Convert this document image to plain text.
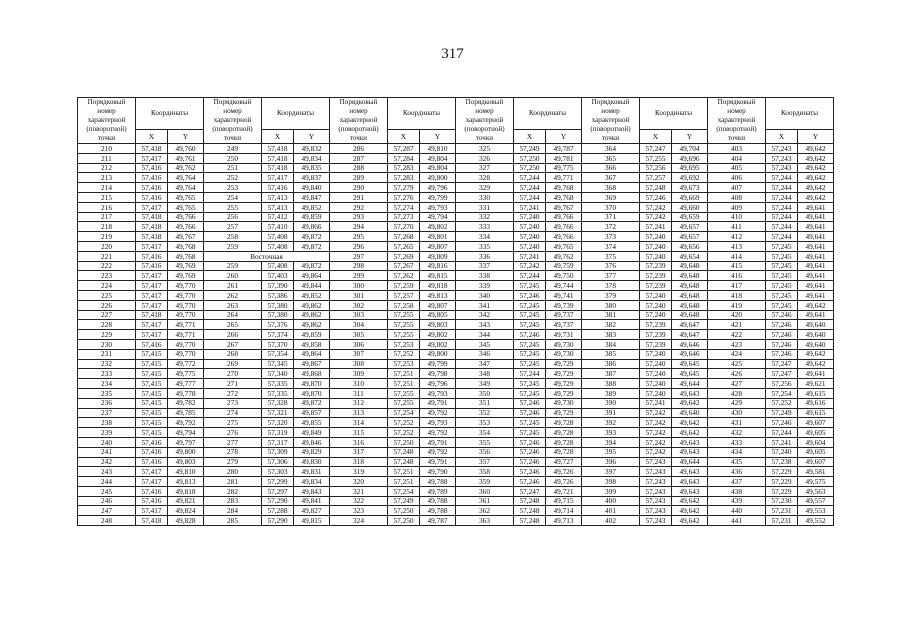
317
Порядковый номер характерной (поворотной) точки	Координаты		Порядковый номер характерной (поворотной) точки	Координаты		Порядковый номер характерной (поворотной) точки	Координаты		Порядковый номер характерной (поворотной) точки	Координаты		Порядковый номер характерной (поворотной) точки	Координаты		Порядковый номер характерной (поворотной) точки	Координаты	
	X	Y		X	Y		X	Y		X	Y		X	Y		X	Y
210	57,418	49,760	249	57,418	49,832	286	57,287	49,810	325	57,249	49,787	364	57,247	49,704	403	57,243	49,642
211	57,417	49,761	250	57,418	49,834	287	57,284	49,804	326	57,250	49,781	365	57,255	49,696	404	57,243	49,642
212	57,416	49,762	251	57,418	49,835	288	57,283	49,804	327	57,250	49,775	366	57,256	49,695	405	57,243	49,642
213	57,416	49,764	252	57,417	49,837	289	57,283	49,800	328	57,244	49,771	367	57,257	49,692	406	57,244	49,642
214	57,416	49,764	253	57,416	49,840	290	57,279	49,796	329	57,244	49,768	368	57,248	49,673	407	57,244	49,642
215	57,416	49,765	254	57,413	49,847	291	57,276	49,799	330	57,244	49,768	369	57,246	49,669	408	57,244	49,642
216	57,417	49,765	255	57,413	49,852	292	57,274	49,793	331	57,241	49,767	370	57,242	49,660	409	57,244	49,641
217	57,418	49,766	256	57,412	49,859	293	57,273	49,794	332	57,240	49,766	371	57,242	49,659	410	57,244	49,641
218	57,418	49,766	257	57,410	49,866	294	57,270	49,802	333	57,240	49,766	372	57,241	49,657	411	57,244	49,641
219	57,418	49,767	258	57,408	49,872	295	57,268	49,801	334	57,240	49,766	373	57,240	49,657	412	57,244	49,641
220	57,417	49,768	259	57,408	49,872	296	57,265	49,807	335	57,240	49,765	374	57,240	49,656	413	57,245	49,641
221	57,416	49,768	Восточная			297	57,269	49,809	336	57,241	49,762	375	57,240	49,654	414	57,245	49,641
222	57,416	49,769	259	57,408	49,872	298	57,267	49,816	337	57,242	49,759	376	57,239	49,648	415	57,245	49,641
223	57,417	49,769	260	57,403	49,864	299	57,262	49,815	338	57,244	49,750	377	57,239	49,648	416	57,245	49,641
224	57,417	49,770	261	57,390	49,844	300	57,259	49,818	339	57,245	49,744	378	57,239	49,648	417	57,245	49,641
225	57,417	49,770	262	57,386	49,852	301	57,257	49,813	340	57,246	49,741	379	57,240	49,648	418	57,245	49,641
226	57,417	49,770	263	57,380	49,862	302	57,258	49,807	341	57,245	49,739	380	57,240	49,648	419	57,245	49,642
227	57,418	49,770	264	57,380	49,862	303	57,255	49,805	342	57,245	49,737	381	57,240	49,648	420	57,246	49,641
228	57,417	49,771	265	57,376	49,862	304	57,255	49,803	343	57,245	49,737	382	57,239	49,647	421	57,246	49,640
229	57,417	49,771	266	57,374	49,859	305	57,255	49,802	344	57,246	49,731	383	57,239	49,647	422	57,246	49,640
230	57,416	49,770	267	57,370	49,858	306	57,253	49,802	345	57,245	49,730	384	57,239	49,646	423	57,246	49,640
231	57,415	49,770	268	57,354	49,864	307	57,252	49,800	346	57,245	49,730	385	57,240	49,646	424	57,246	49,642
232	57,415	49,772	269	57,345	49,867	308	57,253	49,799	347	57,245	49,729	386	57,240	49,645	425	57,247	49,642
233	57,415	49,775	270	57,340	49,868	309	57,251	49,798	348	57,244	49,729	387	57,240	49,645	426	57,247	49,641
234	57,415	49,777	271	57,335	49,870	310	57,251	49,796	349	57,245	49,729	388	57,240	49,644	427	57,256	49,621
235	57,415	49,778	272	57,335	49,870	311	57,255	49,793	350	57,245	49,729	389	57,240	49,643	428	57,254	49,615
236	57,415	49,782	273	57,328	49,872	312	57,255	49,791	351	57,246	49,730	390	57,241	49,642	429	57,252	49,616
237	57,415	49,785	274	57,321	49,857	313	57,254	49,792	352	57,246	49,729	391	57,242	49,640	430	57,249	49,615
238	57,415	49,792	275	57,320	49,855	314	57,252	49,793	353	57,245	49,728	392	57,242	49,642	431	57,246	49,607
239	57,415	49,794	276	57,319	49,849	315	57,252	49,792	354	57,245	49,728	393	57,242	49,642	432	57,244	49,605
240	57,416	49,797	277	57,317	49,846	316	57,250	49,791	355	57,246	49,728	394	57,242	49,643	433	57,241	49,604
241	57,416	49,800	278	57,309	49,829	317	57,248	49,792	356	57,246	49,728	395	57,242	49,643	434	57,240	49,605
242	57,416	49,803	279	57,306	49,830	318	57,248	49,791	357	57,246	49,727	396	57,243	49,644	435	57,238	49,607
243	57,417	49,810	280	57,303	49,831	319	57,251	49,790	358	57,246	49,726	397	57,243	49,643	436	57,229	49,581
244	57,417	49,813	281	57,299	49,834	320	57,251	49,788	359	57,246	49,726	398	57,243	49,643	437	57,229	49,575
245	57,416	49,818	282	57,297	49,843	321	57,254	49,789	360	57,247	49,721	399	57,243	49,643	438	57,229	49,563
246	57,416	49,821	283	57,290	49,841	322	57,249	49,788	361	57,248	49,715	400	57,243	49,642	439	57,230	49,557
247	57,417	49,824	284	57,288	49,827	323	57,250	49,788	362	57,248	49,714	401	57,243	49,642	440	57,231	49,553
248	57,418	49,828	285	57,290	49,815	324	57,250	49,787	363	57,248	49,713	402	57,243	49,642	441	57,231	49,552
